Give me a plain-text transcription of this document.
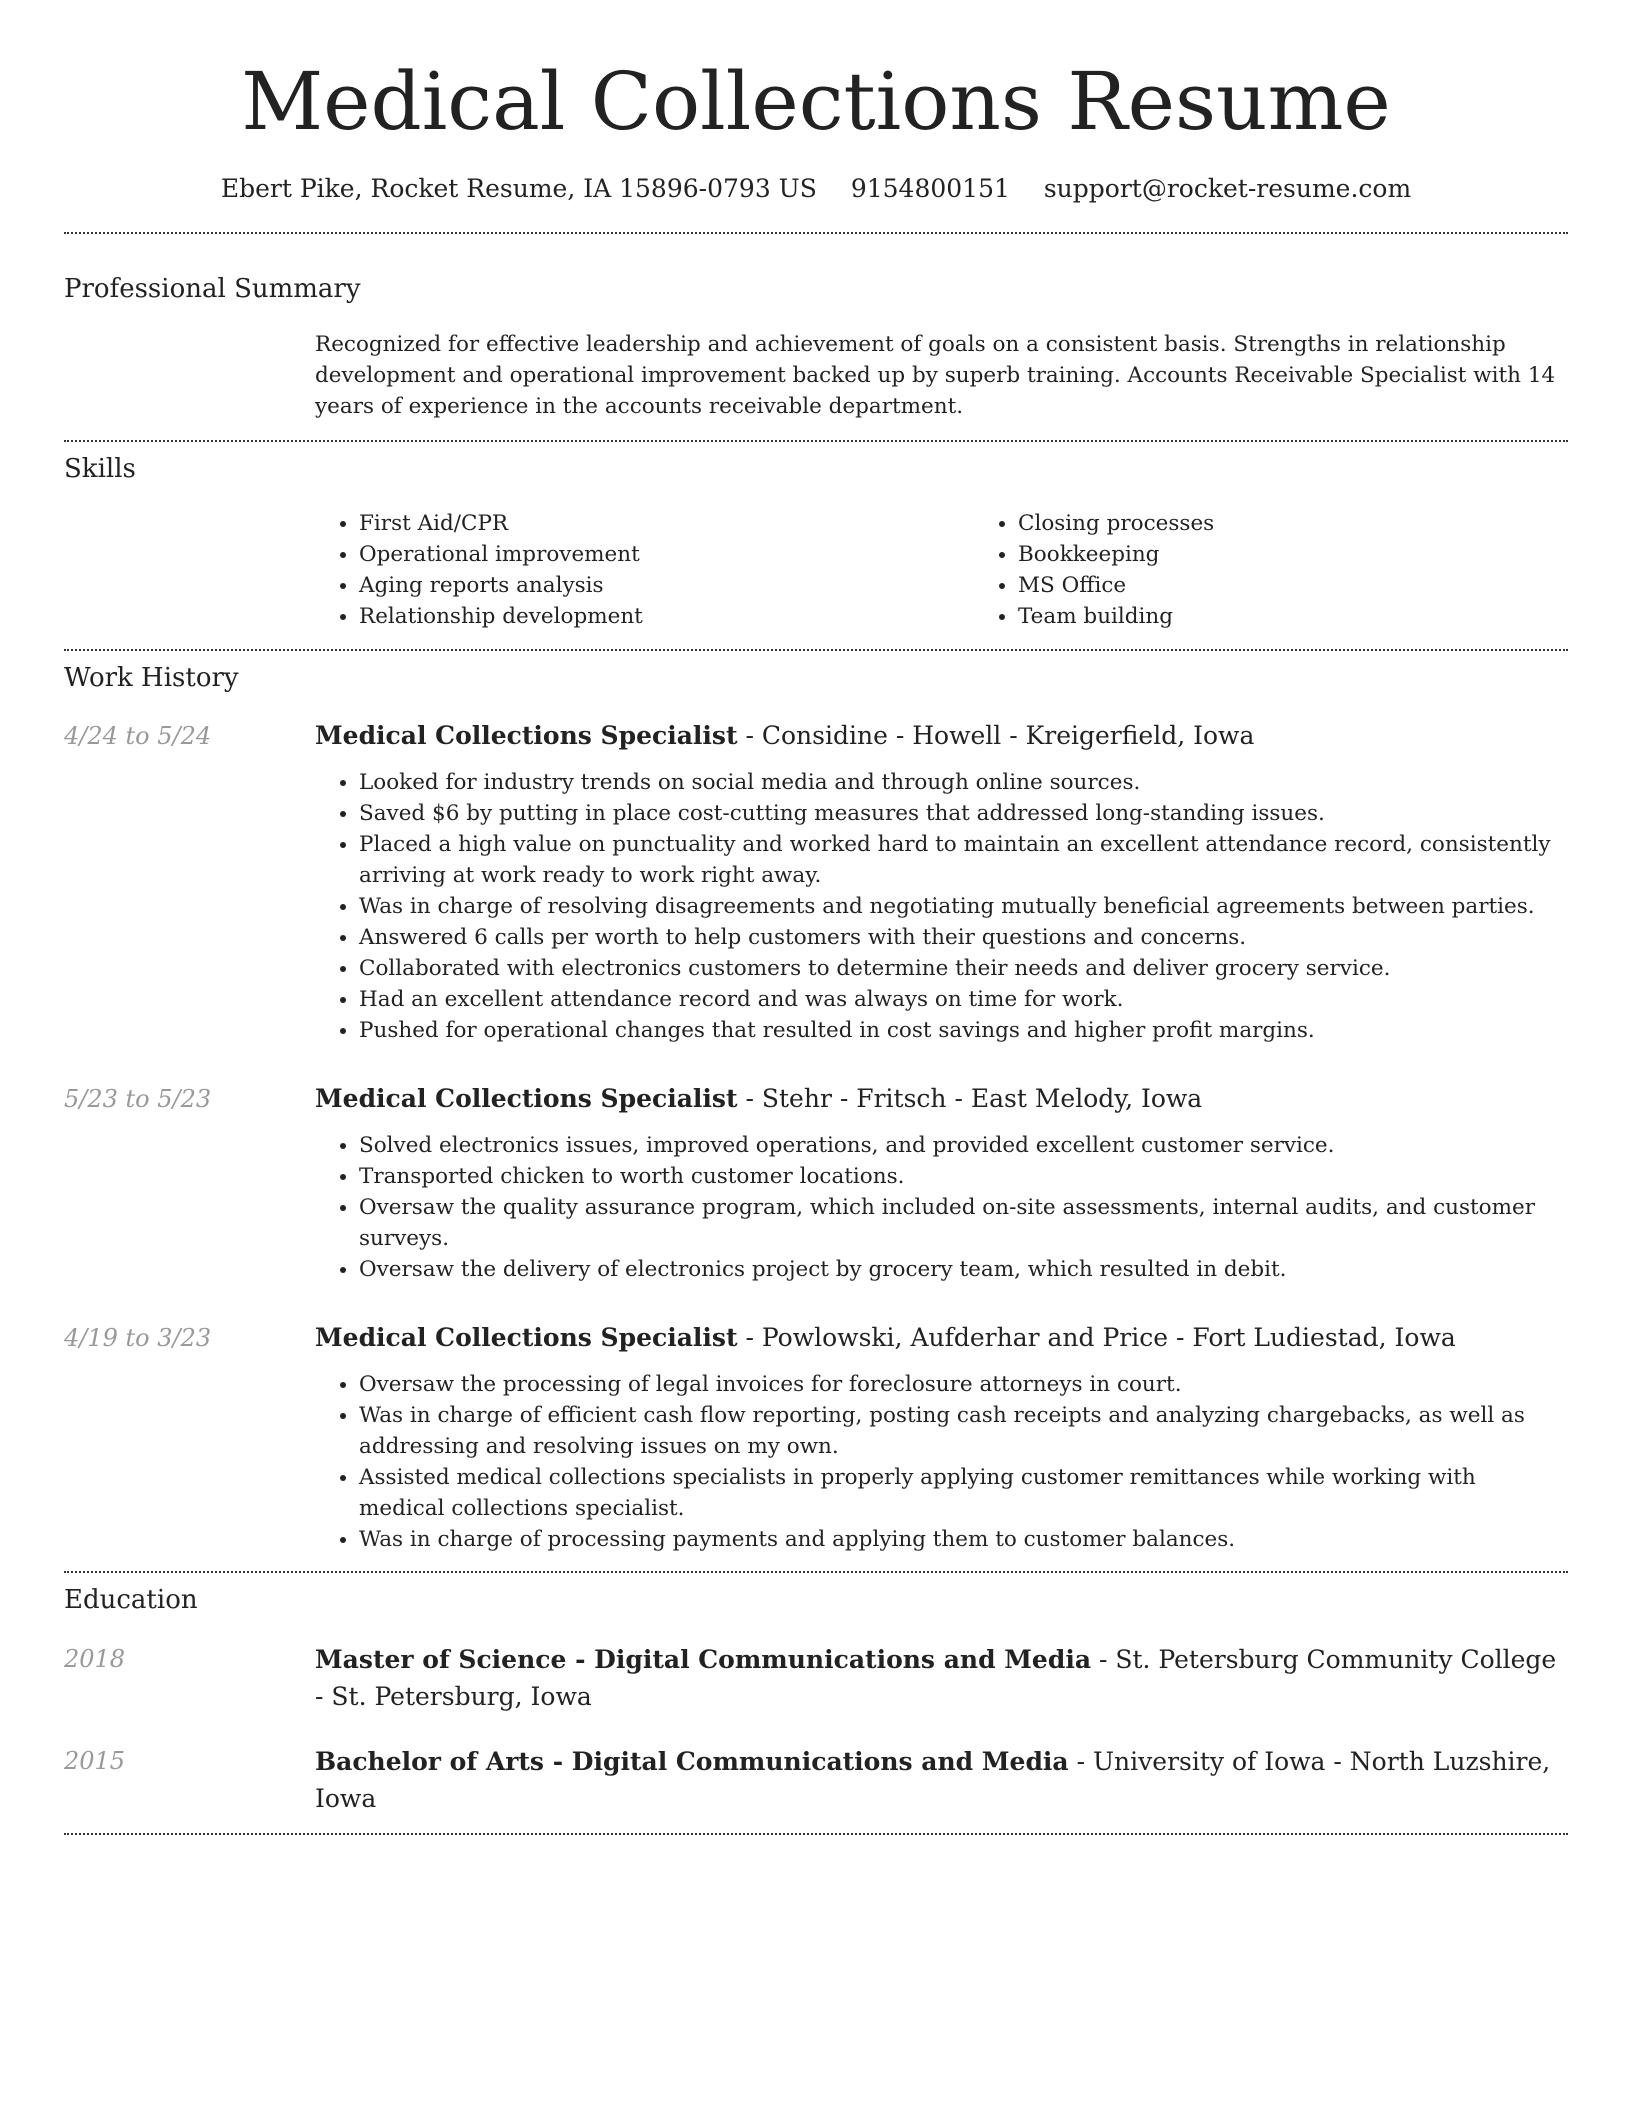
Medical Collections Resume
Ebert Pike, Rocket Resume, IA 15896-0793 US 9154800151 support@rocket-resume.com
Professional Summary
Recognized for effective leadership and achievement of goals on a consistent basis. Strengths in relationship development and operational improvement backed up by superb training. Accounts Receivable Specialist with 14 years of experience in the accounts receivable department.
Skills
• First Aid/CPR
• Operational improvement
• Aging reports analysis
• Relationship development
• Closing processes
• Bookkeeping
• MS Office
• Team building
Work History
4/24 to 5/24	Medical Collections Specialist - Considine - Howell - Kreigerfield, Iowa
• Looked for industry trends on social media and through online sources.
• Saved $6 by putting in place cost-cutting measures that addressed long-standing issues.
• Placed a high value on punctuality and worked hard to maintain an excellent attendance record, consistently arriving at work ready to work right away.
• Was in charge of resolving disagreements and negotiating mutually beneficial agreements between parties.
• Answered 6 calls per worth to help customers with their questions and concerns.
• Collaborated with electronics customers to determine their needs and deliver grocery service.
• Had an excellent attendance record and was always on time for work.
• Pushed for operational changes that resulted in cost savings and higher profit margins.
5/23 to 5/23	Medical Collections Specialist - Stehr - Fritsch - East Melody, Iowa
• Solved electronics issues, improved operations, and provided excellent customer service.
• Transported chicken to worth customer locations.
• Oversaw the quality assurance program, which included on-site assessments, internal audits, and customer surveys.
• Oversaw the delivery of electronics project by grocery team, which resulted in debit.
4/19 to 3/23	Medical Collections Specialist - Powlowski, Aufderhar and Price - Fort Ludiestad, Iowa
• Oversaw the processing of legal invoices for foreclosure attorneys in court.
• Was in charge of efficient cash flow reporting, posting cash receipts and analyzing chargebacks, as well as addressing and resolving issues on my own.
• Assisted medical collections specialists in properly applying customer remittances while working with medical collections specialist.
• Was in charge of processing payments and applying them to customer balances.
Education
2018	Master of Science - Digital Communications and Media - St. Petersburg Community College - St. Petersburg, Iowa
2015	Bachelor of Arts - Digital Communications and Media - University of Iowa - North Luzshire, Iowa
